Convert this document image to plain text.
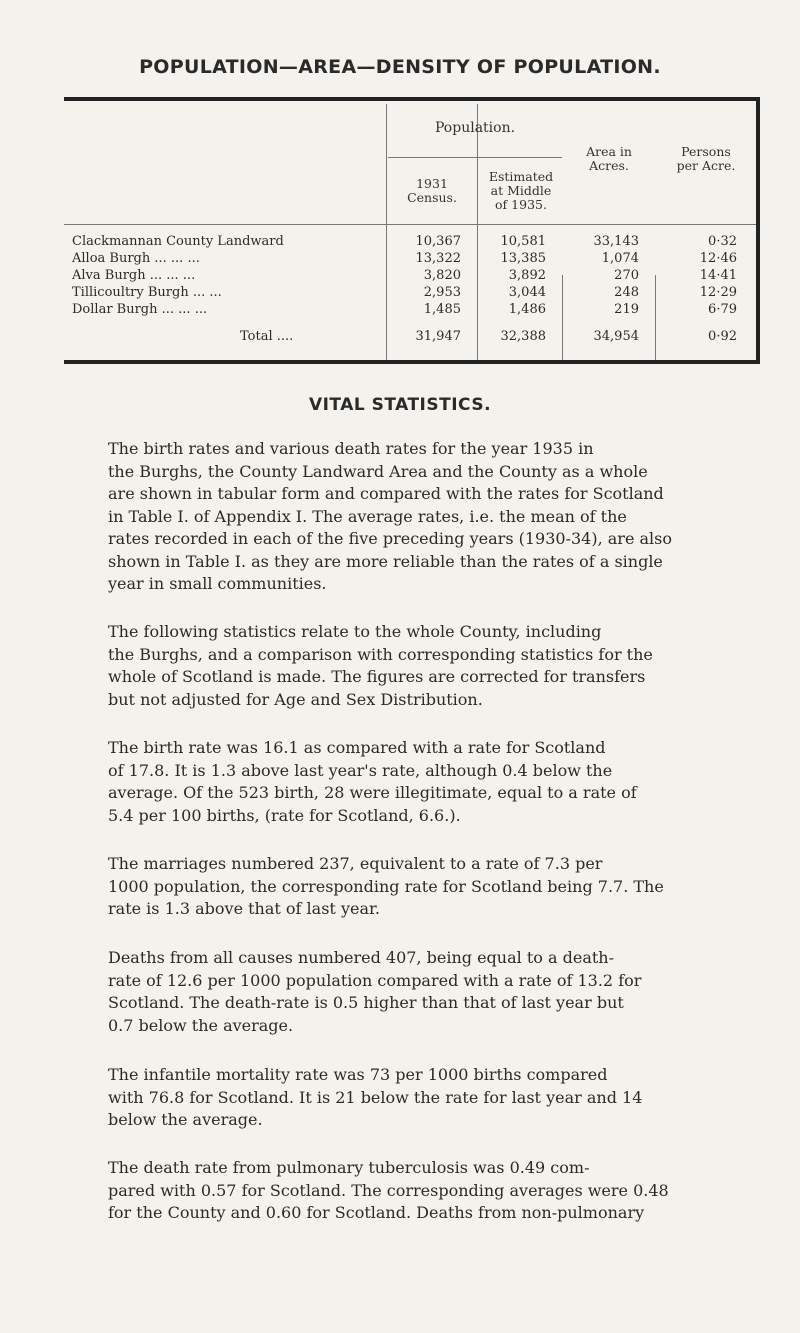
POPULATION—AREA—DENSITY OF POPULATION.
Population.
1931
Census.
Estimated
at Middle
of 1935.
Area in
Acres.
Persons
per Acre.
Clackmannan County Landward	10,367	10,581	33,143	0·32
Alloa Burgh ... ... ...	13,322	13,385	1,074	12·46
Alva Burgh ... ... ...	3,820	3,892	270	14·41
Tillicoultry Burgh ... ...	2,953	3,044	248	12·29
Dollar Burgh ... ... ...	1,485	1,486	219	6·79
Total ....	31,947	32,388	34,954	0·92
VITAL STATISTICS.
The birth rates and various death rates for the year 1935 in
the Burghs, the County Landward Area and the County as a whole
are shown in tabular form and compared with the rates for Scotland
in Table I. of Appendix I. The average rates, i.e. the mean of the
rates recorded in each of the five preceding years (1930-34), are also
shown in Table I. as they are more reliable than the rates of a single
year in small communities.
The following statistics relate to the whole County, including
the Burghs, and a comparison with corresponding statistics for the
whole of Scotland is made. The figures are corrected for transfers
but not adjusted for Age and Sex Distribution.
The birth rate was 16.1 as compared with a rate for Scotland
of 17.8. It is 1.3 above last year's rate, although 0.4 below the
average. Of the 523 birth, 28 were illegitimate, equal to a rate of
5.4 per 100 births, (rate for Scotland, 6.6.).
The marriages numbered 237, equivalent to a rate of 7.3 per
1000 population, the corresponding rate for Scotland being 7.7. The
rate is 1.3 above that of last year.
Deaths from all causes numbered 407, being equal to a death-
rate of 12.6 per 1000 population compared with a rate of 13.2 for
Scotland. The death-rate is 0.5 higher than that of last year but
0.7 below the average.
The infantile mortality rate was 73 per 1000 births compared
with 76.8 for Scotland. It is 21 below the rate for last year and 14
below the average.
The death rate from pulmonary tuberculosis was 0.49 com-
pared with 0.57 for Scotland. The corresponding averages were 0.48
for the County and 0.60 for Scotland. Deaths from non-pulmonary
